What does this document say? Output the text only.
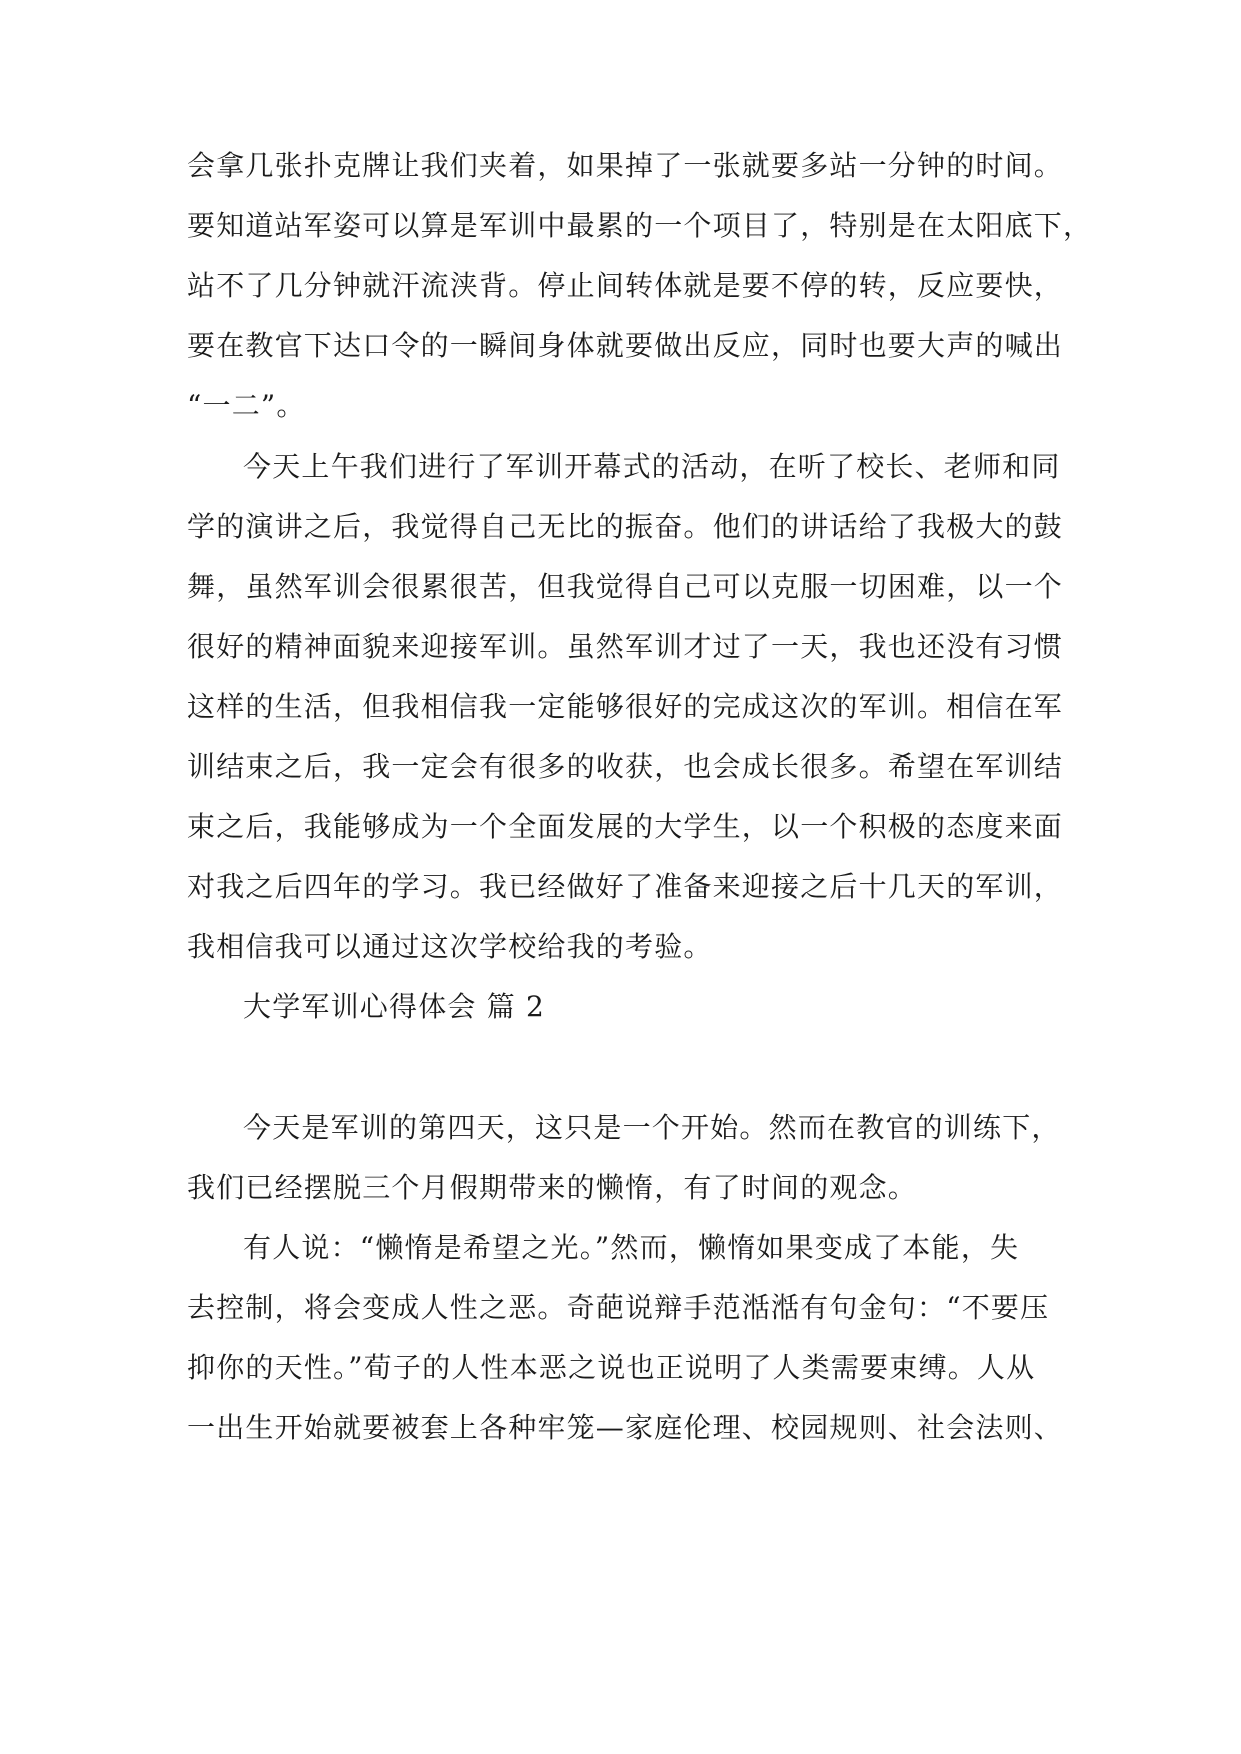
会拿几张扑克牌让我们夹着，如果掉了一张就要多站一分钟的时间。
要知道站军姿可以算是军训中最累的一个项目了，特别是在太阳底下，
站不了几分钟就汗流浃背。停止间转体就是要不停的转，反应要快，
要在教官下达口令的一瞬间身体就要做出反应，同时也要大声的喊出
“一二”。
今天上午我们进行了军训开幕式的活动，在听了校长、老师和同
学的演讲之后，我觉得自己无比的振奋。他们的讲话给了我极大的鼓
舞，虽然军训会很累很苦，但我觉得自己可以克服一切困难，以一个
很好的精神面貌来迎接军训。虽然军训才过了一天，我也还没有习惯
这样的生活，但我相信我一定能够很好的完成这次的军训。相信在军
训结束之后，我一定会有很多的收获，也会成长很多。希望在军训结
束之后，我能够成为一个全面发展的大学生，以一个积极的态度来面
对我之后四年的学习。我已经做好了准备来迎接之后十几天的军训，
我相信我可以通过这次学校给我的考验。
大学军训心得体会 篇 2
今天是军训的第四天，这只是一个开始。然而在教官的训练下，
我们已经摆脱三个月假期带来的懒惰，有了时间的观念。
有人说：“懒惰是希望之光。”然而，懒惰如果变成了本能，失
去控制，将会变成人性之恶。奇葩说辩手范湉湉有句金句：“不要压
抑你的天性。”荀子的人性本恶之说也正说明了人类需要束缚。人从
一出生开始就要被套上各种牢笼—家庭伦理、校园规则、社会法则、
